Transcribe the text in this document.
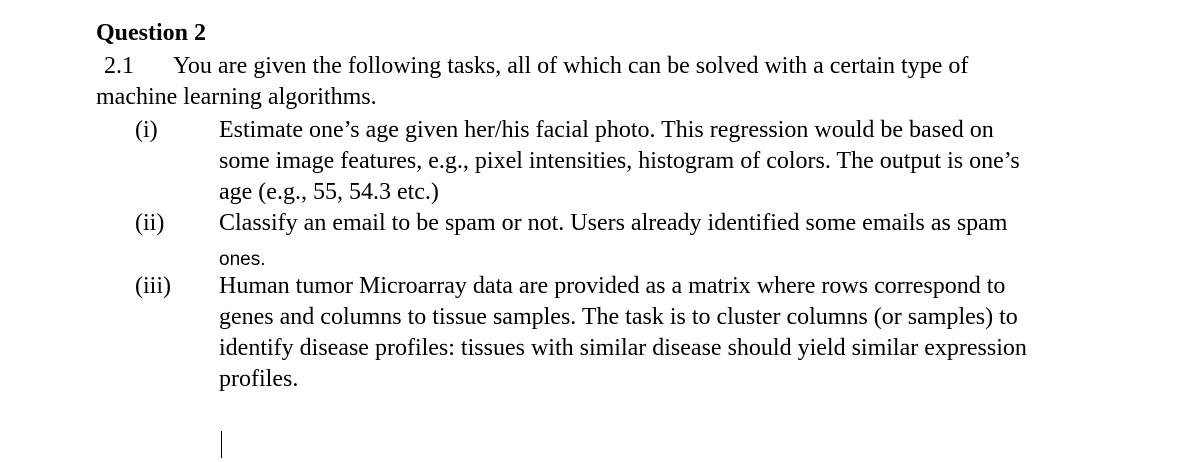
Question 2
2.1 You are given the following tasks, all of which can be solved with a certain type of
machine learning algorithms.
(i)	Estimate one’s age given her/his facial photo. This regression would be based on
some image features, e.g., pixel intensities, histogram of colors. The output is one’s
age (e.g., 55, 54.3 etc.)
(ii) Classify an email to be spam or not. Users already identified some emails as spam
ones.
(iii) Human tumor Microarray data are provided as a matrix where rows correspond to
genes and columns to tissue samples. The task is to cluster columns (or samples) to
identify disease profiles: tissues with similar disease should yield similar expression
profiles.
